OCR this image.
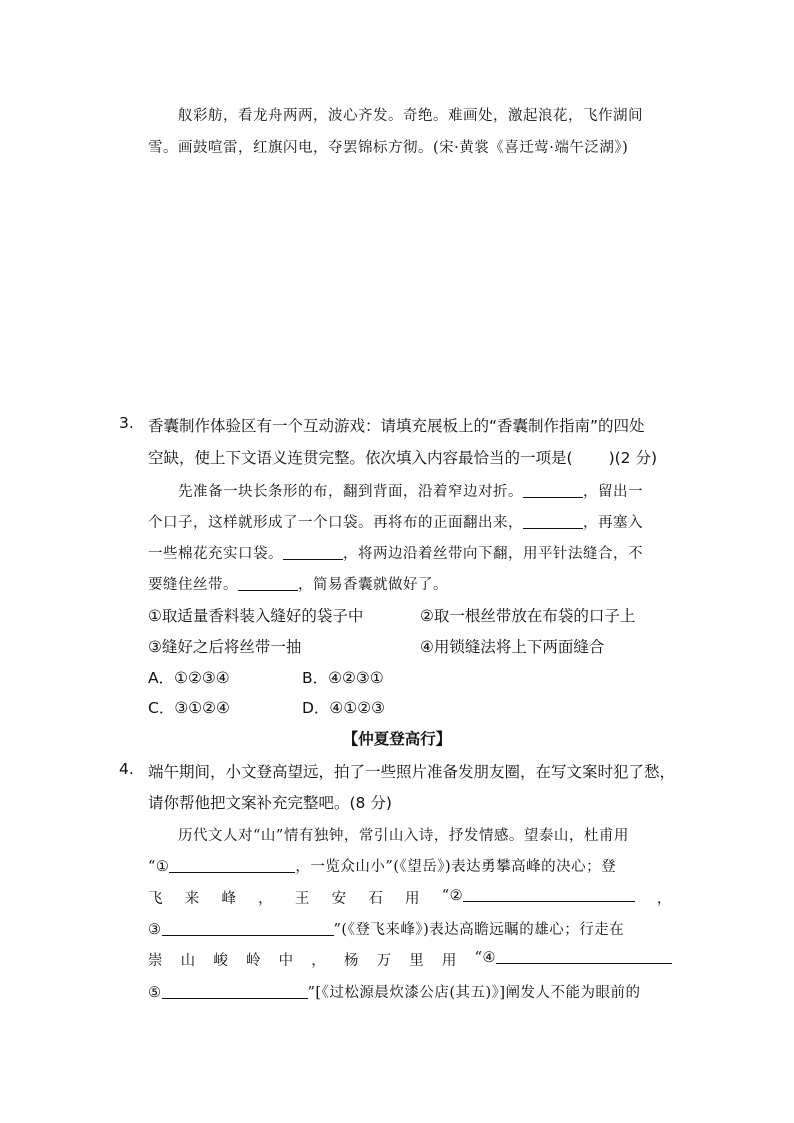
舣彩舫，看龙舟两两，波心齐发。奇绝。难画处，激起浪花，飞作湖间
雪。画鼓喧雷，红旗闪电，夺罢锦标方彻。(宋·黄裳《喜迁莺·端午泛湖》)
3. 香囊制作体验区有一个互动游戏：请填充展板上的“香囊制作指南”的四处
空缺，使上下文语义连贯完整。依次填入内容最恰当的一项是( )(2 分)
先准备一块长条形的布，翻到背面，沿着窄边对折。	，留出一
个口子，这样就形成了一个口袋。再将布的正面翻出来，	，再塞入
一些棉花充实口袋。	，将两边沿着丝带向下翻，用平针法缝合，不
要缝住丝带。	，简易香囊就做好了。
①取适量香料装入缝好的袋子中	②取一根丝带放在布袋的口子上
③缝好之后将丝带一抽	④用锁缝法将上下两面缝合
A．①②③④	B．④②③①
C．③①②④	D．④①②③
【仲夏登高行】
4. 端午期间，小文登高望远，拍了一些照片准备发朋友圈，在写文案时犯了愁，
请你帮他把文案补充完整吧。(8 分)
历代文人对“山”情有独钟，常引山入诗，抒发情感。望泰山，杜甫用
“①	，一览众山小”(《望岳》)表达勇攀高峰的决心；登
飞 来 峰 ， 王 安 石 用 “②	，
③	”(《登飞来峰》)表达高瞻远瞩的雄心；行走在
崇 山 峻 岭 中 ， 杨 万 里 用 “④
⑤	”[《过松源晨炊漆公店(其五)》]阐发人不能为眼前的
